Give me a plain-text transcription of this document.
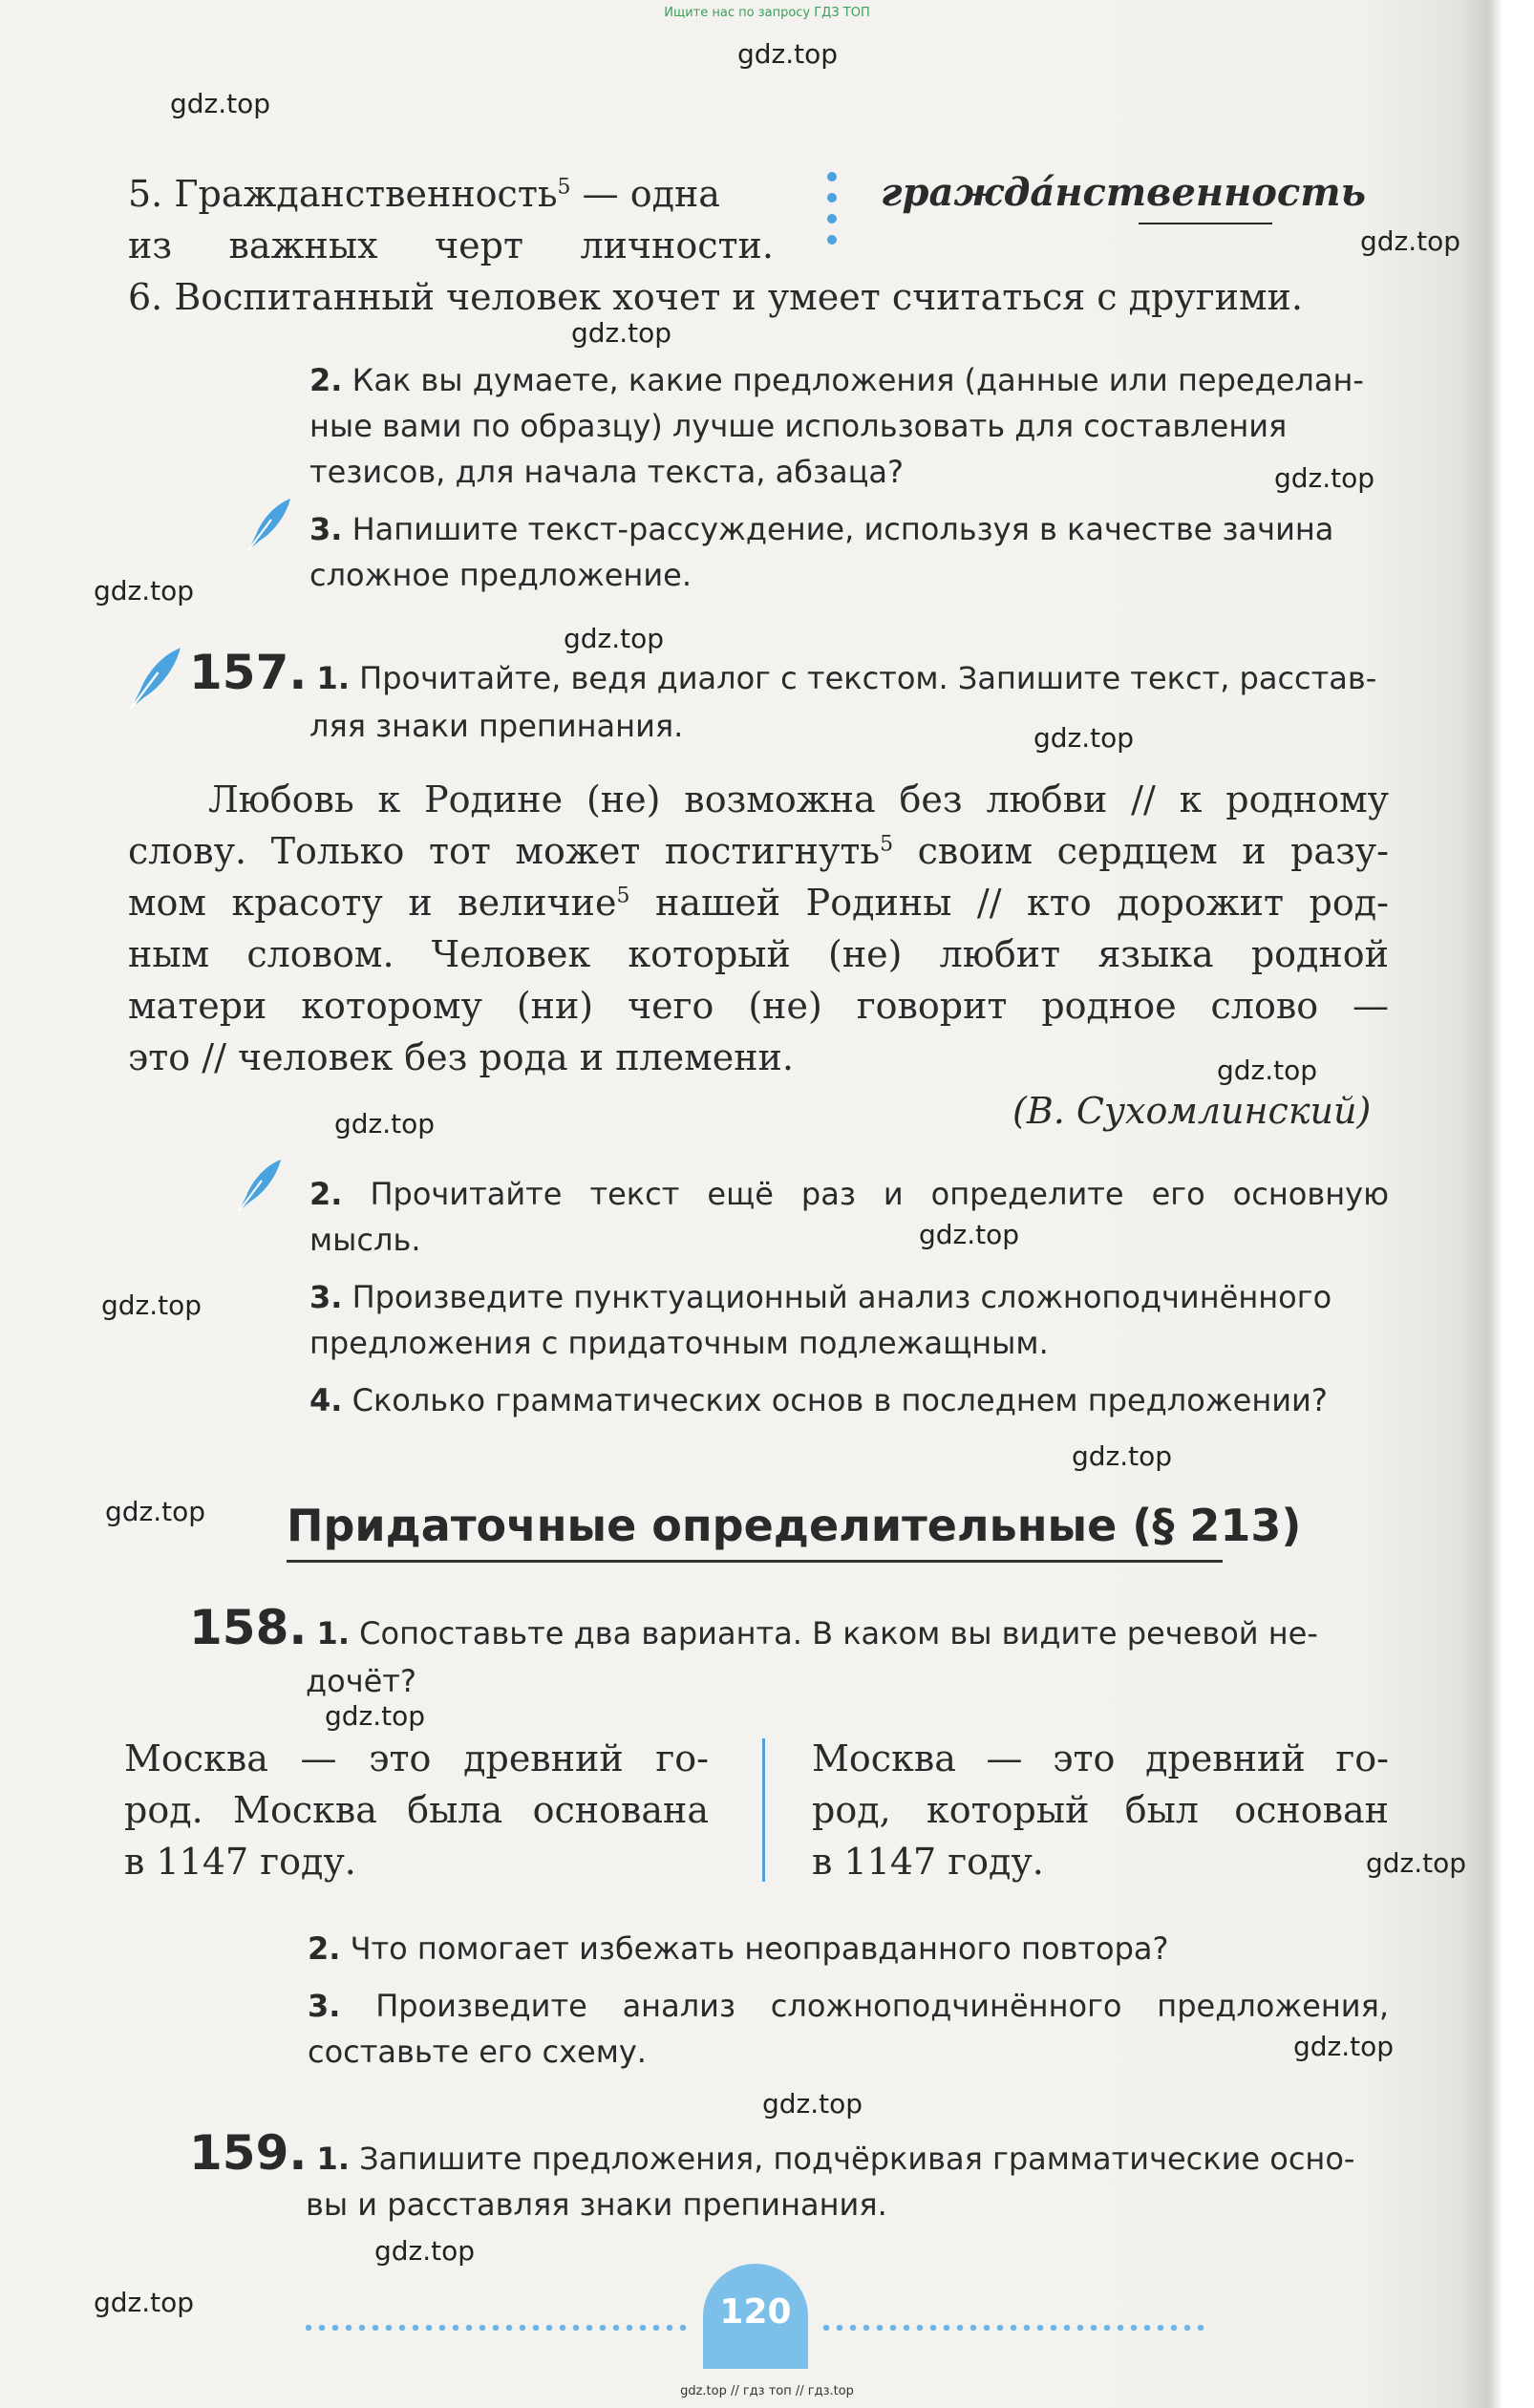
Ищите нас по запросу ГДЗ ТОП
gdz.top
gdz.top
gdz.top
gdz.top
gdz.top
gdz.top
gdz.top
gdz.top
gdz.top
gdz.top
gdz.top
gdz.top
gdz.top
gdz.top
gdz.top
gdz.top
gdz.top
gdz.top
gdz.top
gdz.top
5. Гражданственность$^5$ — одна
из важных черт личности.
6. Воспитанный человек хочет и умеет считаться с другими.
гражда́нственность
2. Как вы думаете, какие предложения (данные или переделан-
ные вами по образцу) лучше использовать для составления
тезисов, для начала текста, абзаца?
3. Напишите текст-рассуждение, используя в качестве зачина
сложное предложение.
157. 1. Прочитайте, ведя диалог с текстом. Запишите текст, расстав-
ляя знаки препинания.
Любовь к Родине (не) возможна без любви // к родному
слову. Только тот может постигнуть$^5$ своим сердцем и разу-
мом красоту и величие$^5$ нашей Родины // кто дорожит род-
ным словом. Человек который (не) любит языка родной
матери которому (ни) чего (не) говорит родное слово —
это // человек без рода и племени.
(В. Сухомлинский)
2. Прочитайте текст ещё раз и определите его основную
мысль.
3. Произведите пунктуационный анализ сложноподчинённого
предложения с придаточным подлежащным.
4. Сколько грамматических основ в последнем предложении?
Придаточные определительные (§ 213)
158. 1. Сопоставьте два варианта. В каком вы видите речевой не-
дочёт?
Москва — это древний го-
род. Москва была основана
в 1147 году.
Москва — это древний го-
род, который был основан
в 1147 году.
2. Что помогает избежать неоправданного повтора?
3. Произведите анализ сложноподчинённого предложения,
составьте его схему.
159. 1. Запишите предложения, подчёркивая грамматические осно-
вы и расставляя знаки препинания.
120
gdz.top // гдз топ // гдз.top
